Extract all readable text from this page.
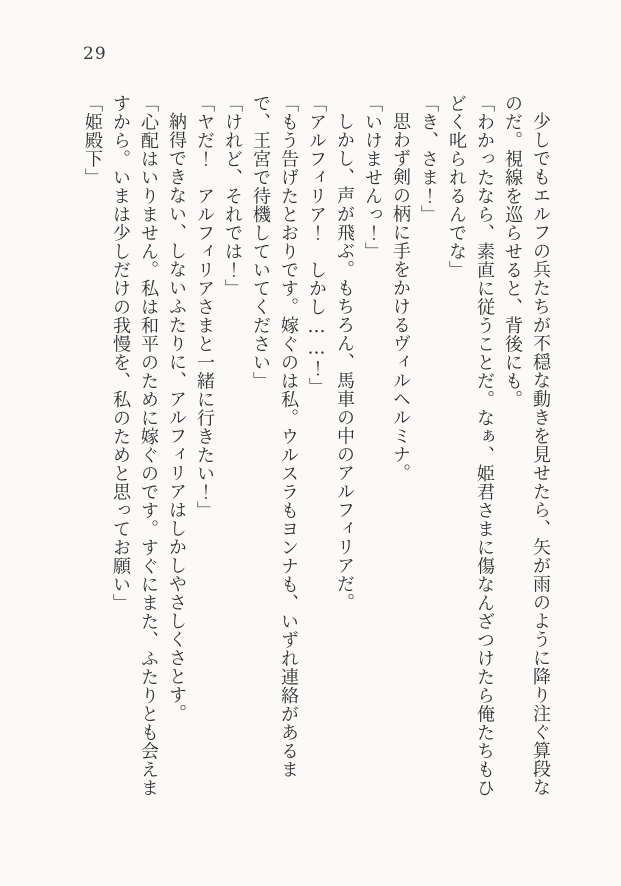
29

少しでもエルフの兵たちが不穏な動きを見せたら、矢が雨のように降り注ぐ算段なのだ。視線を巡らせると、背後にも。

「わかったなら、素直に従うことだ。なぁ、姫君さまに傷なんざつけたら俺たちもひどく叱られるんでな」

「き、さま！」

思わず剣の柄に手をかけるヴィルヘルミナ。

「いけませんっ！」

しかし、声が飛ぶ。もちろん、馬車の中のアルフィリアだ。

「アルフィリア！　しかし……！」

「もう告げたとおりです。嫁ぐのは私。ウルスラもヨンナも、いずれ連絡があるまで、王宮で待機していてください」

「けれど、それでは！」

「ヤだ！　アルフィリアさまと一緒に行きたい！」

納得できない、しないふたりに、アルフィリアはしかしやさしくさとす。

「心配はいりません。私は和平のために嫁ぐのです。すぐにまた、ふたりとも会えますから。いまは少しだけの我慢を、私のためと思ってお願い」

「姫殿下」
